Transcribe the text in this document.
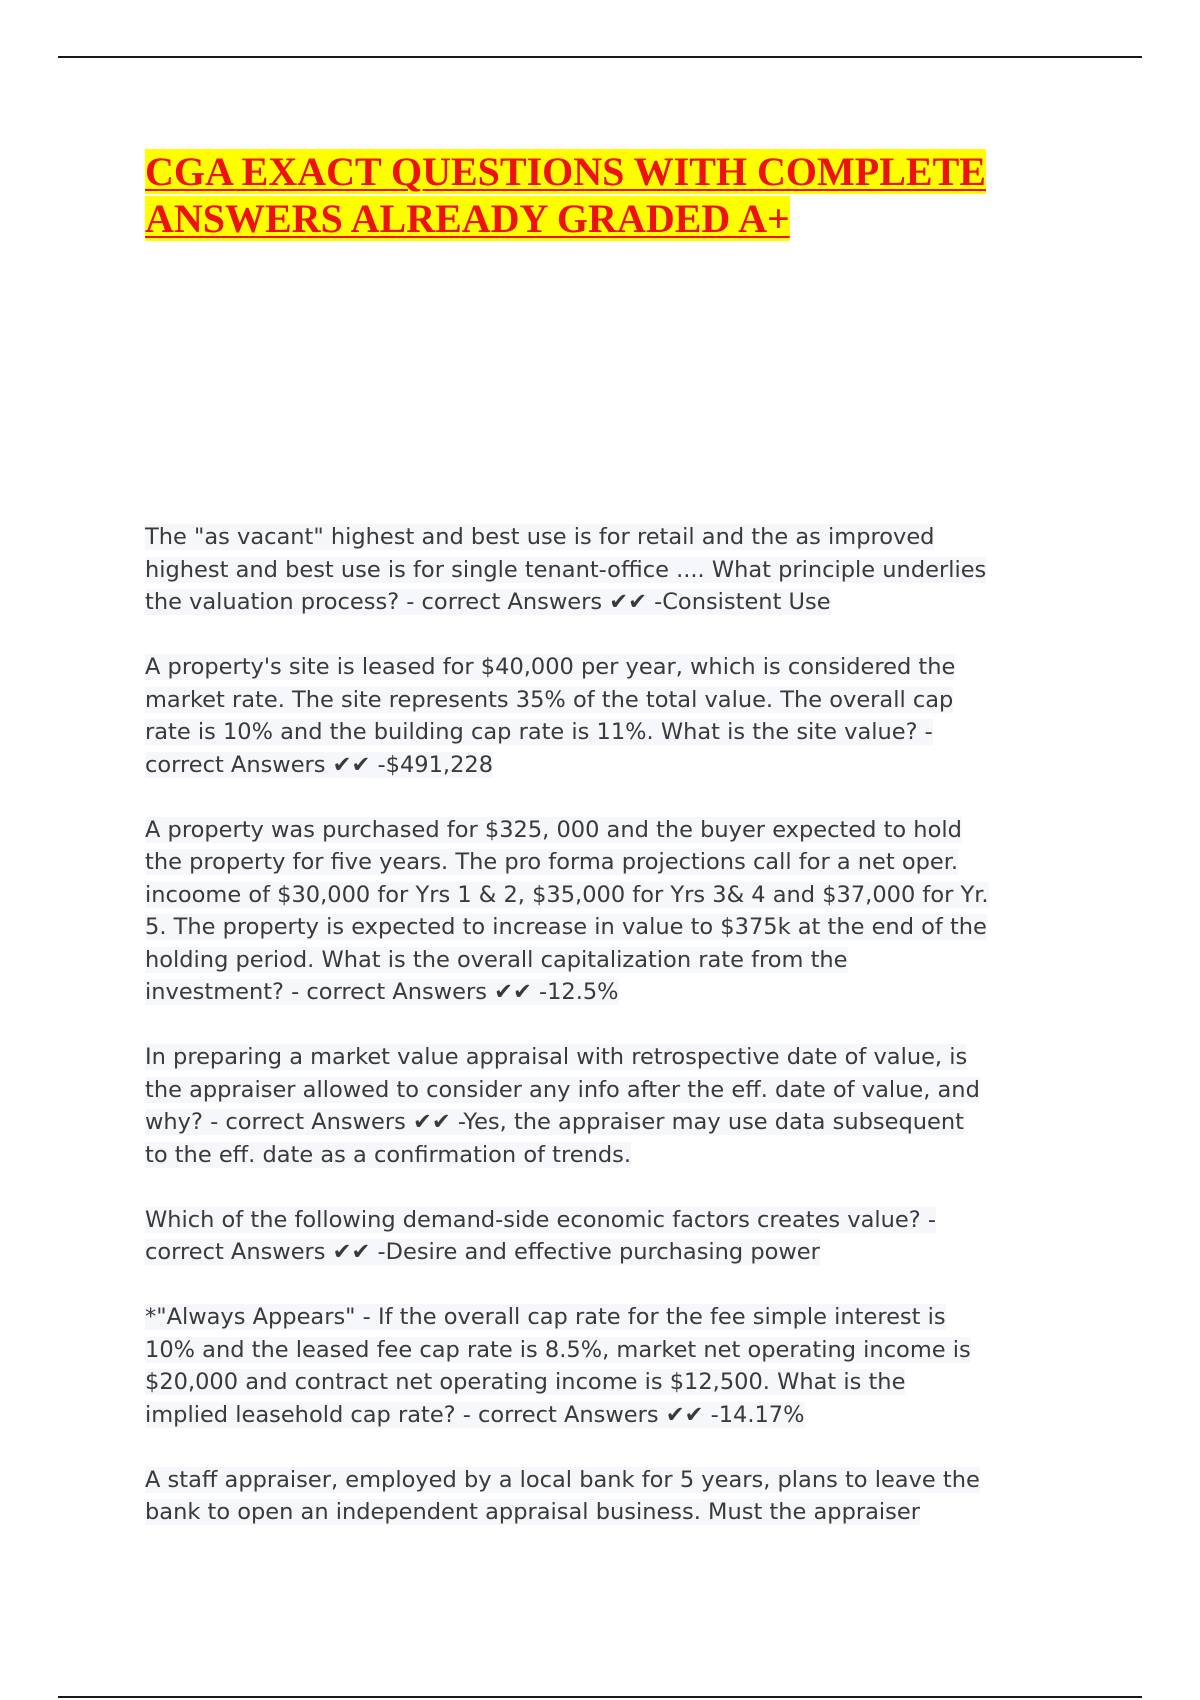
CGA EXACT QUESTIONS WITH COMPLETE ANSWERS ALREADY GRADED A+

The "as vacant" highest and best use is for retail and the as improved
highest and best use is for single tenant-office .... What principle underlies
the valuation process? - correct Answers ✔✔ -Consistent Use

A property's site is leased for $40,000 per year, which is considered the
market rate. The site represents 35% of the total value. The overall cap
rate is 10% and the building cap rate is 11%. What is the site value? -
correct Answers ✔✔ -$491,228

A property was purchased for $325, 000 and the buyer expected to hold
the property for five years. The pro forma projections call for a net oper.
incoome of $30,000 for Yrs 1 & 2, $35,000 for Yrs 3& 4 and $37,000 for Yr.
5. The property is expected to increase in value to $375k at the end of the
holding period. What is the overall capitalization rate from the
investment? - correct Answers ✔✔ -12.5%

In preparing a market value appraisal with retrospective date of value, is
the appraiser allowed to consider any info after the eff. date of value, and
why? - correct Answers ✔✔ -Yes, the appraiser may use data subsequent
to the eff. date as a confirmation of trends.

Which of the following demand-side economic factors creates value? -
correct Answers ✔✔ -Desire and effective purchasing power

*"Always Appears" - If the overall cap rate for the fee simple interest is
10% and the leased fee cap rate is 8.5%, market net operating income is
$20,000 and contract net operating income is $12,500. What is the
implied leasehold cap rate? - correct Answers ✔✔ -14.17%

A staff appraiser, employed by a local bank for 5 years, plans to leave the
bank to open an independent appraisal business. Must the appraiser
